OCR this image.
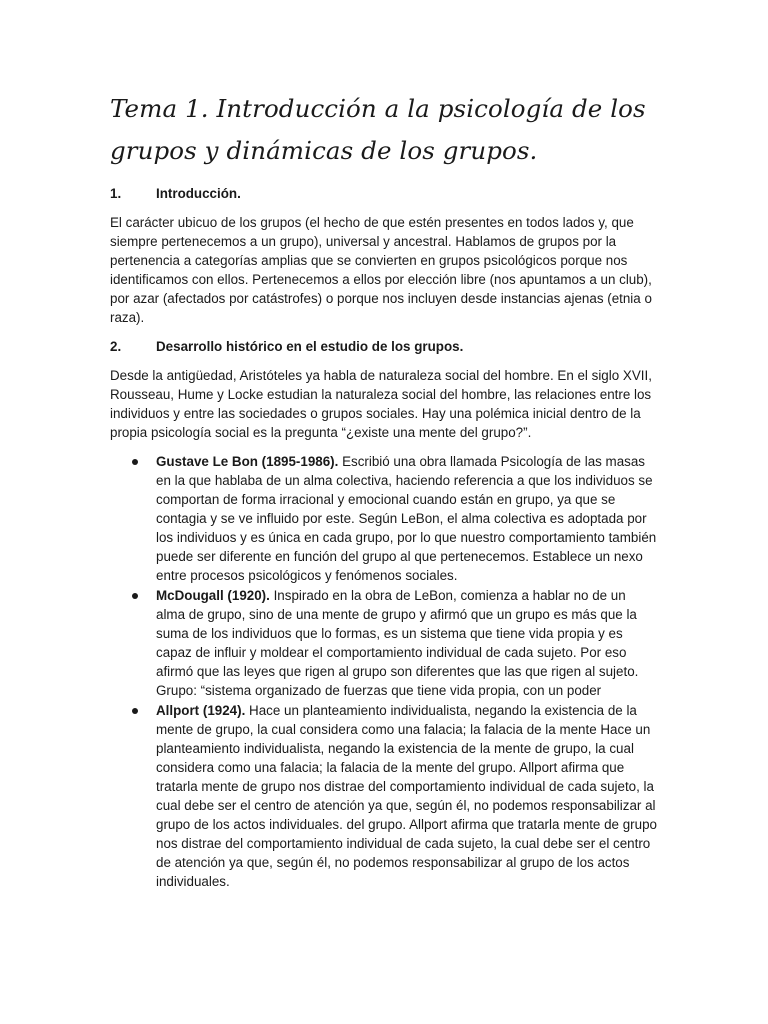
Tema 1. Introducción a la psicología de los grupos y dinámicas de los grupos.
1.	Introducción.

El carácter ubicuo de los grupos (el hecho de que estén presentes en todos lados y, que siempre pertenecemos a un grupo), universal y ancestral. Hablamos de grupos por la pertenencia a categorías amplias que se convierten en grupos psicológicos porque nos identificamos con ellos. Pertenecemos a ellos por elección libre (nos apuntamos a un club), por azar (afectados por catástrofes) o porque nos incluyen desde instancias ajenas (etnia o raza).

2.	Desarrollo histórico en el estudio de los grupos.

Desde la antigüedad, Aristóteles ya habla de naturaleza social del hombre. En el siglo XVII, Rousseau, Hume y Locke estudian la naturaleza social del hombre, las relaciones entre los individuos y entre las sociedades o grupos sociales. Hay una polémica inicial dentro de la propia psicología social es la pregunta “¿existe una mente del grupo?”.

Gustave Le Bon (1895-1986). Escribió una obra llamada Psicología de las masas en la que hablaba de un alma colectiva, haciendo referencia a que los individuos se comportan de forma irracional y emocional cuando están en grupo, ya que se contagia y se ve influido por este. Según LeBon, el alma colectiva es adoptada por los individuos y es única en cada grupo, por lo que nuestro comportamiento también puede ser diferente en función del grupo al que pertenecemos. Establece un nexo entre procesos psicológicos y fenómenos sociales.
McDougall (1920). Inspirado en la obra de LeBon, comienza a hablar no de un alma de grupo, sino de una mente de grupo y afirmó que un grupo es más que la suma de los individuos que lo formas, es un sistema que tiene vida propia y es capaz de influir y moldear el comportamiento individual de cada sujeto. Por eso afirmó que las leyes que rigen al grupo son diferentes que las que rigen al sujeto. Grupo: “sistema organizado de fuerzas que tiene vida propia, con un poder
Allport (1924). Hace un planteamiento individualista, negando la existencia de la mente de grupo, la cual considera como una falacia; la falacia de la mente Hace un planteamiento individualista, negando la existencia de la mente de grupo, la cual considera como una falacia; la falacia de la mente del grupo. Allport afirma que tratarla mente de grupo nos distrae del comportamiento individual de cada sujeto, la cual debe ser el centro de atención ya que, según él, no podemos responsabilizar al grupo de los actos individuales. del grupo. Allport afirma que tratarla mente de grupo nos distrae del comportamiento individual de cada sujeto, la cual debe ser el centro de atención ya que, según él, no podemos responsabilizar al grupo de los actos individuales.
